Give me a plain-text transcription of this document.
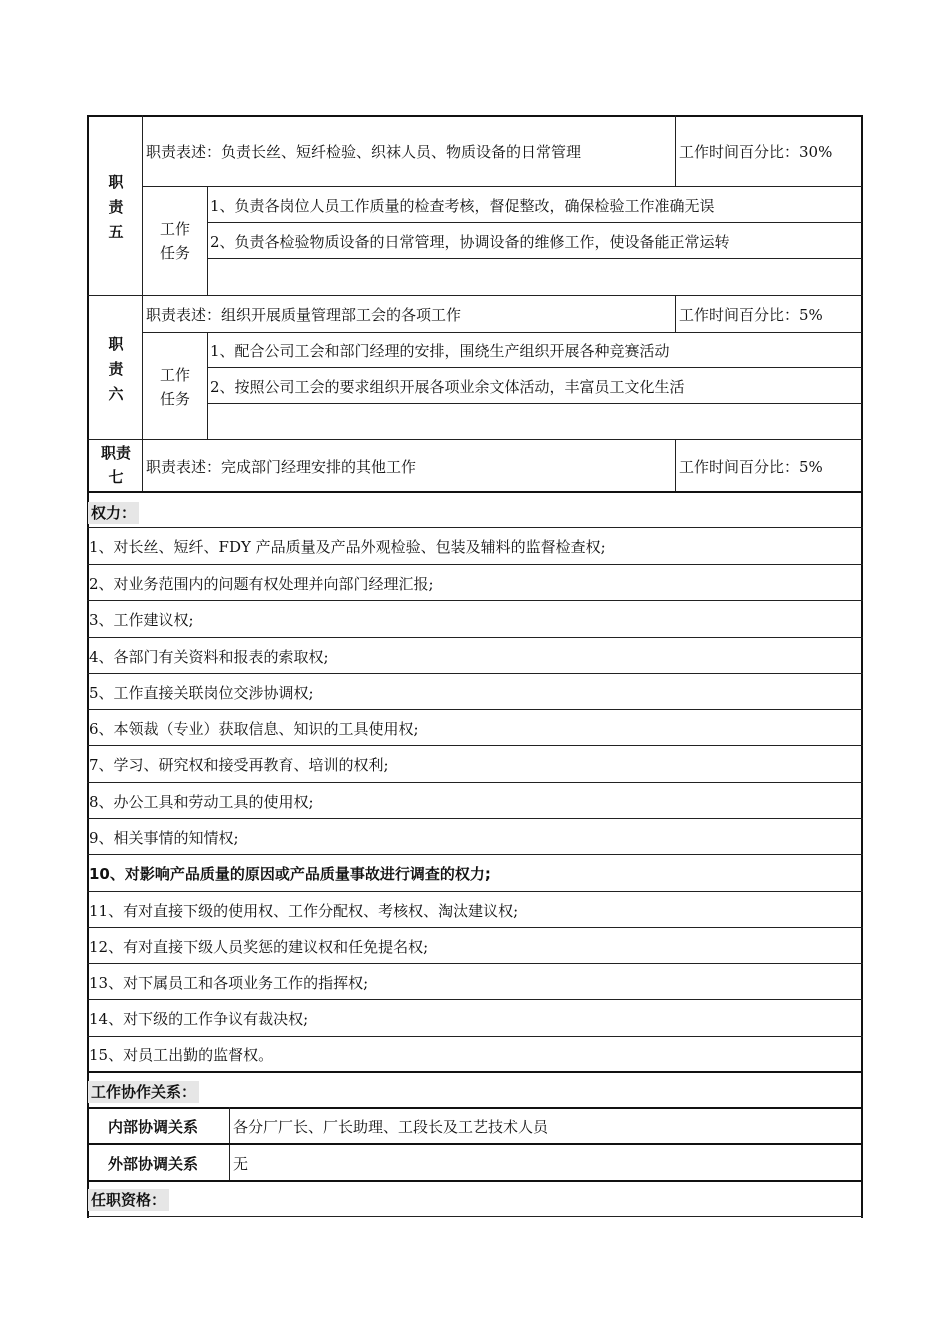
职
责
五
职责表述：负责长丝、短纤检验、织袜人员、物质设备的日常管理	工作时间百分比：30%
工作
任务
1、负责各岗位人员工作质量的检查考核，督促整改，确保检验工作准确无误
2、负责各检验物质设备的日常管理，协调设备的维修工作，使设备能正常运转
职
责
六
职责表述：组织开展质量管理部工会的各项工作	工作时间百分比：5%
工作
任务
1、配合公司工会和部门经理的安排，围绕生产组织开展各种竞赛活动
2、按照公司工会的要求组织开展各项业余文体活动，丰富员工文化生活
职责
七
职责表述：完成部门经理安排的其他工作	工作时间百分比：5%
权力：
1、对长丝、短纤、FDY 产品质量及产品外观检验、包装及辅料的监督检查权;
2、对业务范围内的问题有权处理并向部门经理汇报;
3、工作建议权;
4、各部门有关资料和报表的索取权;
5、工作直接关联岗位交涉协调权;
6、本领裁（专业）获取信息、知识的工具使用权;
7、学习、研究权和接受再教育、培训的权利;
8、办公工具和劳动工具的使用权;
9、相关事情的知情权;
10、对影响产品质量的原因或产品质量事故进行调查的权力;
11、有对直接下级的使用权、工作分配权、考核权、淘汰建议权;
12、有对直接下级人员奖惩的建议权和任免提名权;
13、对下属员工和各项业务工作的指挥权;
14、对下级的工作争议有裁决权;
15、对员工出勤的监督权。
工作协作关系：
内部协调关系 各分厂厂长、厂长助理、工段长及工艺技术人员
外部协调关系 无
任职资格：
